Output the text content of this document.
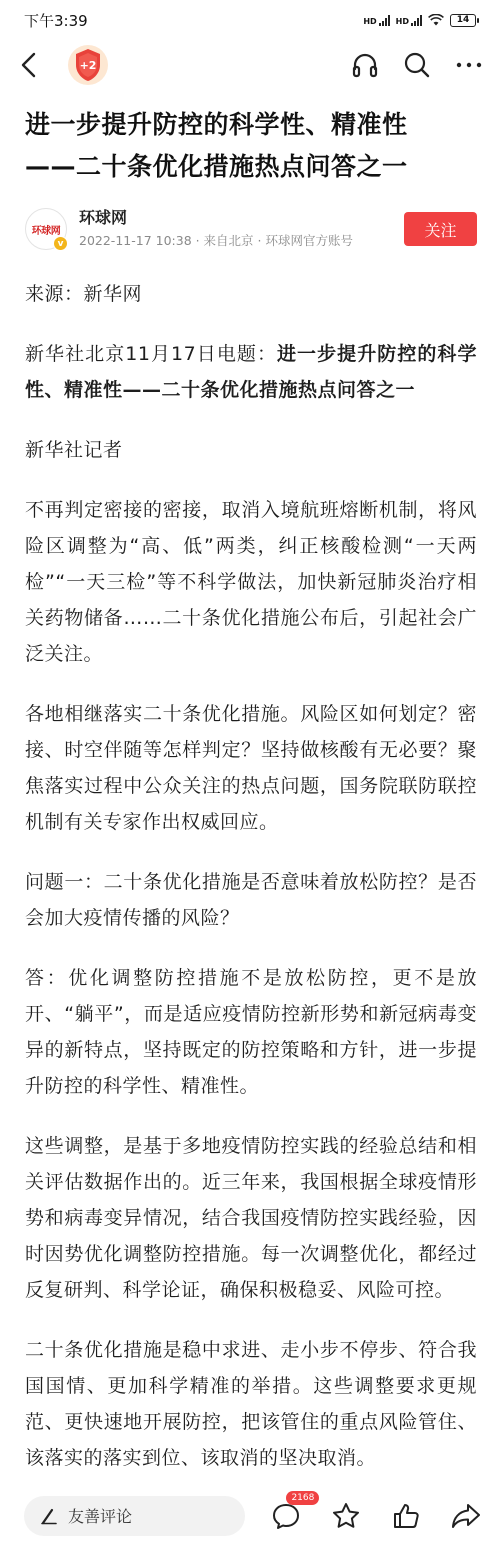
下午3:39	HD HD	14
+2
进一步提升防控的科学性、精准性
——二十条优化措施热点问答之一
环球网
v
环球网
2022-11-17 10:38 · 来自北京 · 环球网官方账号
关注

来源：新华网

新华社北京11月17日电题：进一步提升防控的科学性、精准性——二十条优化措施热点问答之一

新华社记者

不再判定密接的密接，取消入境航班熔断机制，将风险区调整为“高、低”两类，纠正核酸检测“一天两检”“一天三检”等不科学做法，加快新冠肺炎治疗相关药物储备……二十条优化措施公布后，引起社会广泛关注。

各地相继落实二十条优化措施。风险区如何划定？密接、时空伴随等怎样判定？坚持做核酸有无必要？聚焦落实过程中公众关注的热点问题，国务院联防联控机制有关专家作出权威回应。

问题一：二十条优化措施是否意味着放松防控？是否会加大疫情传播的风险？

答：优化调整防控措施不是放松防控，更不是放开、“躺平”，而是适应疫情防控新形势和新冠病毒变异的新特点，坚持既定的防控策略和方针，进一步提升防控的科学性、精准性。

这些调整，是基于多地疫情防控实践的经验总结和相关评估数据作出的。近三年来，我国根据全球疫情形势和病毒变异情况，结合我国疫情防控实践经验，因时因势优化调整防控措施。每一次调整优化，都经过反复研判、科学论证，确保积极稳妥、风险可控。

二十条优化措施是稳中求进、走小步不停步、符合我国国情、更加科学精准的举措。这些调整要求更规范、更快速地开展防控，把该管住的重点风险管住、该落实的落实到位、该取消的坚决取消。

友善评论
2168
